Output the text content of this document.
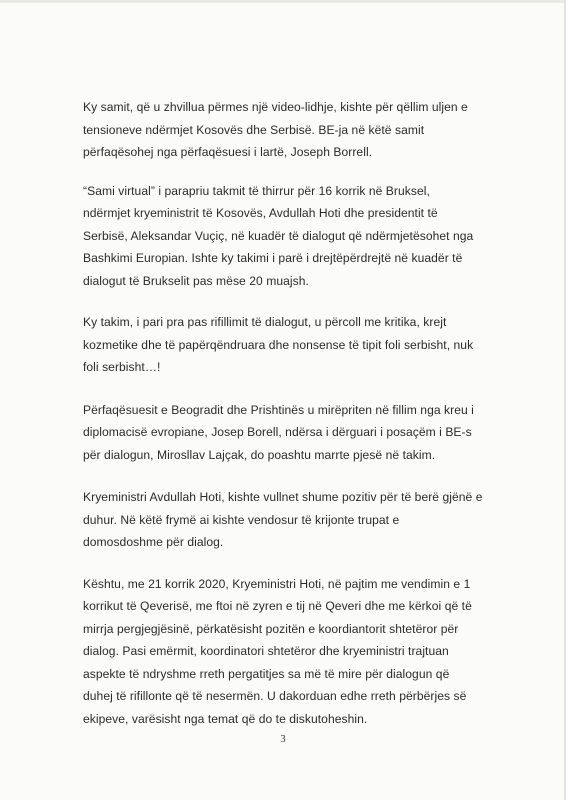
Ky samit, që u zhvillua përmes një video-lidhje, kishte për qëllim uljen e
tensioneve ndërmjet Kosovës dhe Serbisë. BE-ja në këtë samit
përfaqësohej nga përfaqësuesi i lartë, Joseph Borrell.

“Sami virtual” i parapriu takmit të thirrur për 16 korrik në Bruksel,
ndërmjet kryeministrit të Kosovës, Avdullah Hoti dhe presidentit të
Serbisë, Aleksandar Vuçiç, në kuadër të dialogut që ndërmjetësohet nga
Bashkimi Europian. Ishte ky takimi i parë i drejtëpërdrejtë në kuadër të
dialogut të Brukselit pas mëse 20 muajsh.

Ky takim, i pari pra pas rifillimit të dialogut, u përcoll me kritika, krejt
kozmetike dhe të papërqëndruara dhe nonsense të tipit foli serbisht, nuk
foli serbisht…!

Përfaqësuesit e Beogradit dhe Prishtinës u mirëpriten në fillim nga kreu i
diplomacisë evropiane, Josep Borell, ndërsa i dërguari i posaçëm i BE-s
për dialogun, Mirosllav Lajçak, do poashtu marrte pjesë në takim.

Kryeministri Avdullah Hoti, kishte vullnet shume pozitiv për të berë gjënë e
duhur. Në këtë frymë ai kishte vendosur të krijonte trupat e
domosdoshme për dialog.

Kështu, me 21 korrik 2020, Kryeministri Hoti, në pajtim me vendimin e 1
korrikut të Qeverisë, me ftoi në zyren e tij në Qeveri dhe me kërkoi që të
mirrja pergjegjësinë, përkatësisht pozitën e koordiantorit shtetëror për
dialog. Pasi emërmit, koordinatori shtetëror dhe kryeministri trajtuan
aspekte të ndryshme rreth pergatitjes sa më të mire për dialogun që
duhej të rifillonte që të nesermën. U dakorduan edhe rreth përbërjes së
ekipeve, varësisht nga temat që do te diskutoheshin.

3
